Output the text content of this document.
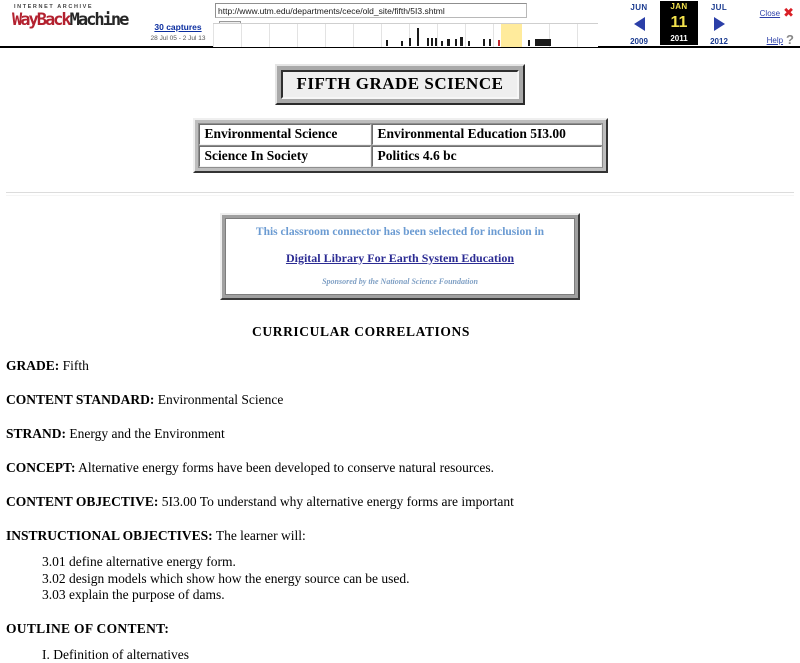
INTERNET ARCHIVE
WayBackMachine	30 captures
28 Jul 05 - 2 Jul 13
http://www.utm.edu/departments/cece/old_site/fifth/5I3.shtml
JUN
2009
JAN
11
2011
JUL
2012
Close ✖
Help ?
FIFTH GRADE SCIENCE
Environmental Science	Environmental Education 5I3.00
Science In Society	Politics 4.6 bc
This classroom connector has been selected for inclusion in
Digital Library For Earth System Education
Sponsored by the National Science Foundation
CURRICULAR CORRELATIONS
GRADE: Fifth
CONTENT STANDARD: Environmental Science
STRAND: Energy and the Environment
CONCEPT: Alternative energy forms have been developed to conserve natural resources.
CONTENT OBJECTIVE: 5I3.00 To understand why alternative energy forms are important
INSTRUCTIONAL OBJECTIVES: The learner will:
3.01 define alternative energy form.
3.02 design models which show how the energy source can be used.
3.03 explain the purpose of dams.
OUTLINE OF CONTENT:
I. Definition of alternatives
